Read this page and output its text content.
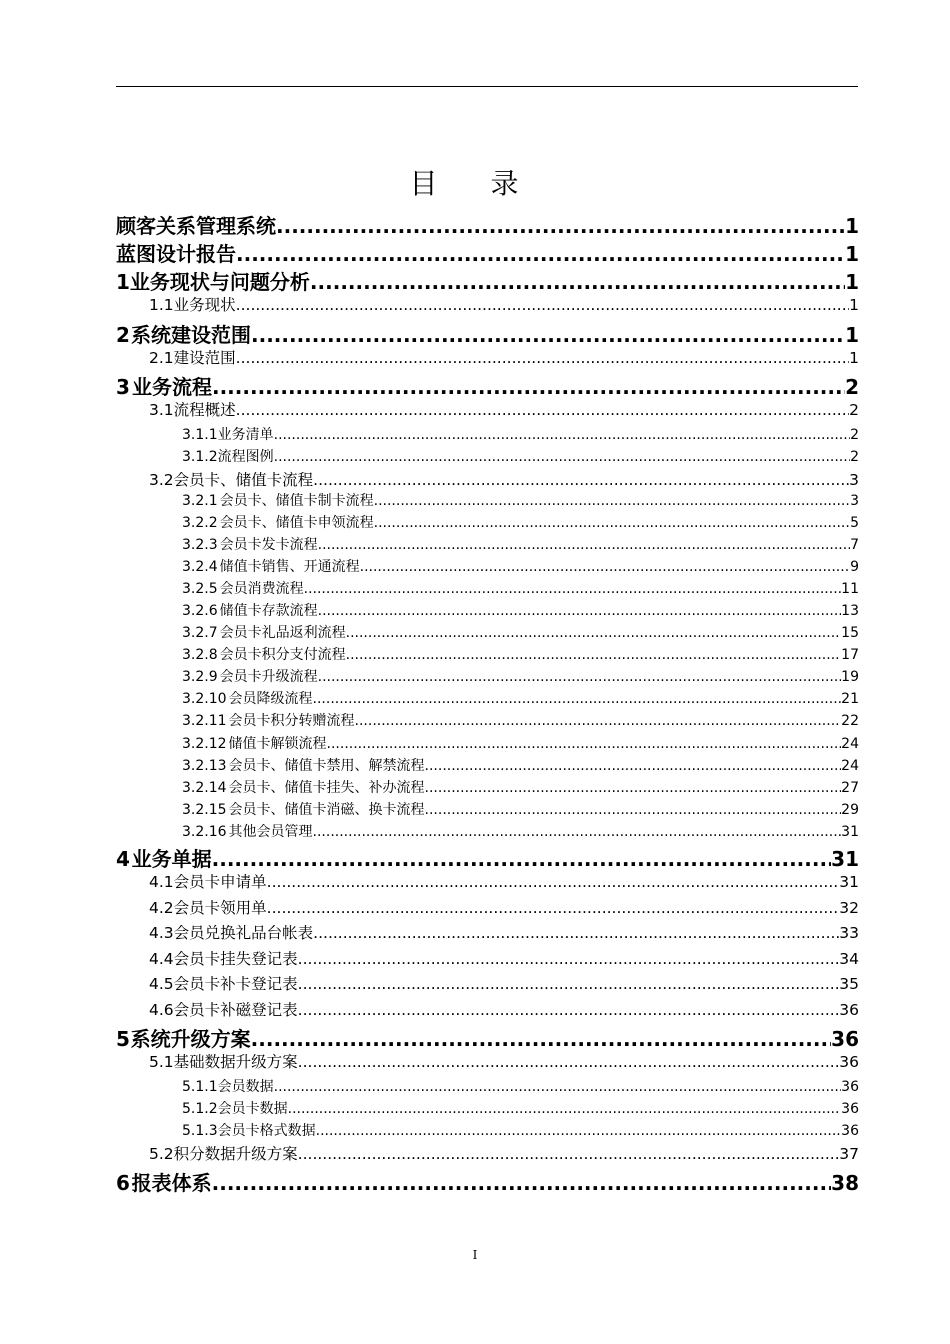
目 录
顾客关系管理系统 .....	1
蓝图设计报告 .....	1
1 业务现状与问题分析 .....	1
1.1 业务现状 .....	1
2 系统建设范围 .....	1
2.1 建设范围 .....	1
3 业务流程 .....	2
3.1 流程概述 .....	2
3.1.1 业务清单 .....	2
3.1.2 流程图例 .....	2
3.2 会员卡、储值卡流程 .....	3
3.2.1 会员卡、储值卡制卡流程 .....	3
3.2.2 会员卡、储值卡申领流程 .....	5
3.2.3 会员卡发卡流程 .....	7
3.2.4 储值卡销售、开通流程 .....	9
3.2.5 会员消费流程 .....	11
3.2.6 储值卡存款流程 .....	13
3.2.7 会员卡礼品返利流程 .....	15
3.2.8 会员卡积分支付流程 .....	17
3.2.9 会员卡升级流程 .....	19
3.2.10 会员降级流程 .....	21
3.2.11 会员卡积分转赠流程 .....	22
3.2.12 储值卡解锁流程 .....	24
3.2.13 会员卡、储值卡禁用、解禁流程 .....	24
3.2.14 会员卡、储值卡挂失、补办流程 .....	27
3.2.15 会员卡、储值卡消磁、换卡流程 .....	29
3.2.16 其他会员管理 .....	31
4 业务单据 .....	31
4.1 会员卡申请单 .....	31
4.2 会员卡领用单 .....	32
4.3 会员兑换礼品台帐表 .....	33
4.4 会员卡挂失登记表 .....	34
4.5 会员卡补卡登记表 .....	35
4.6 会员卡补磁登记表 .....	36
5 系统升级方案 .....	36
5.1 基础数据升级方案 .....	36
5.1.1 会员数据 .....	36
5.1.2 会员卡数据 .....	36
5.1.3 会员卡格式数据 .....	36
5.2 积分数据升级方案 .....	37
6 报表体系 .....	38
I
